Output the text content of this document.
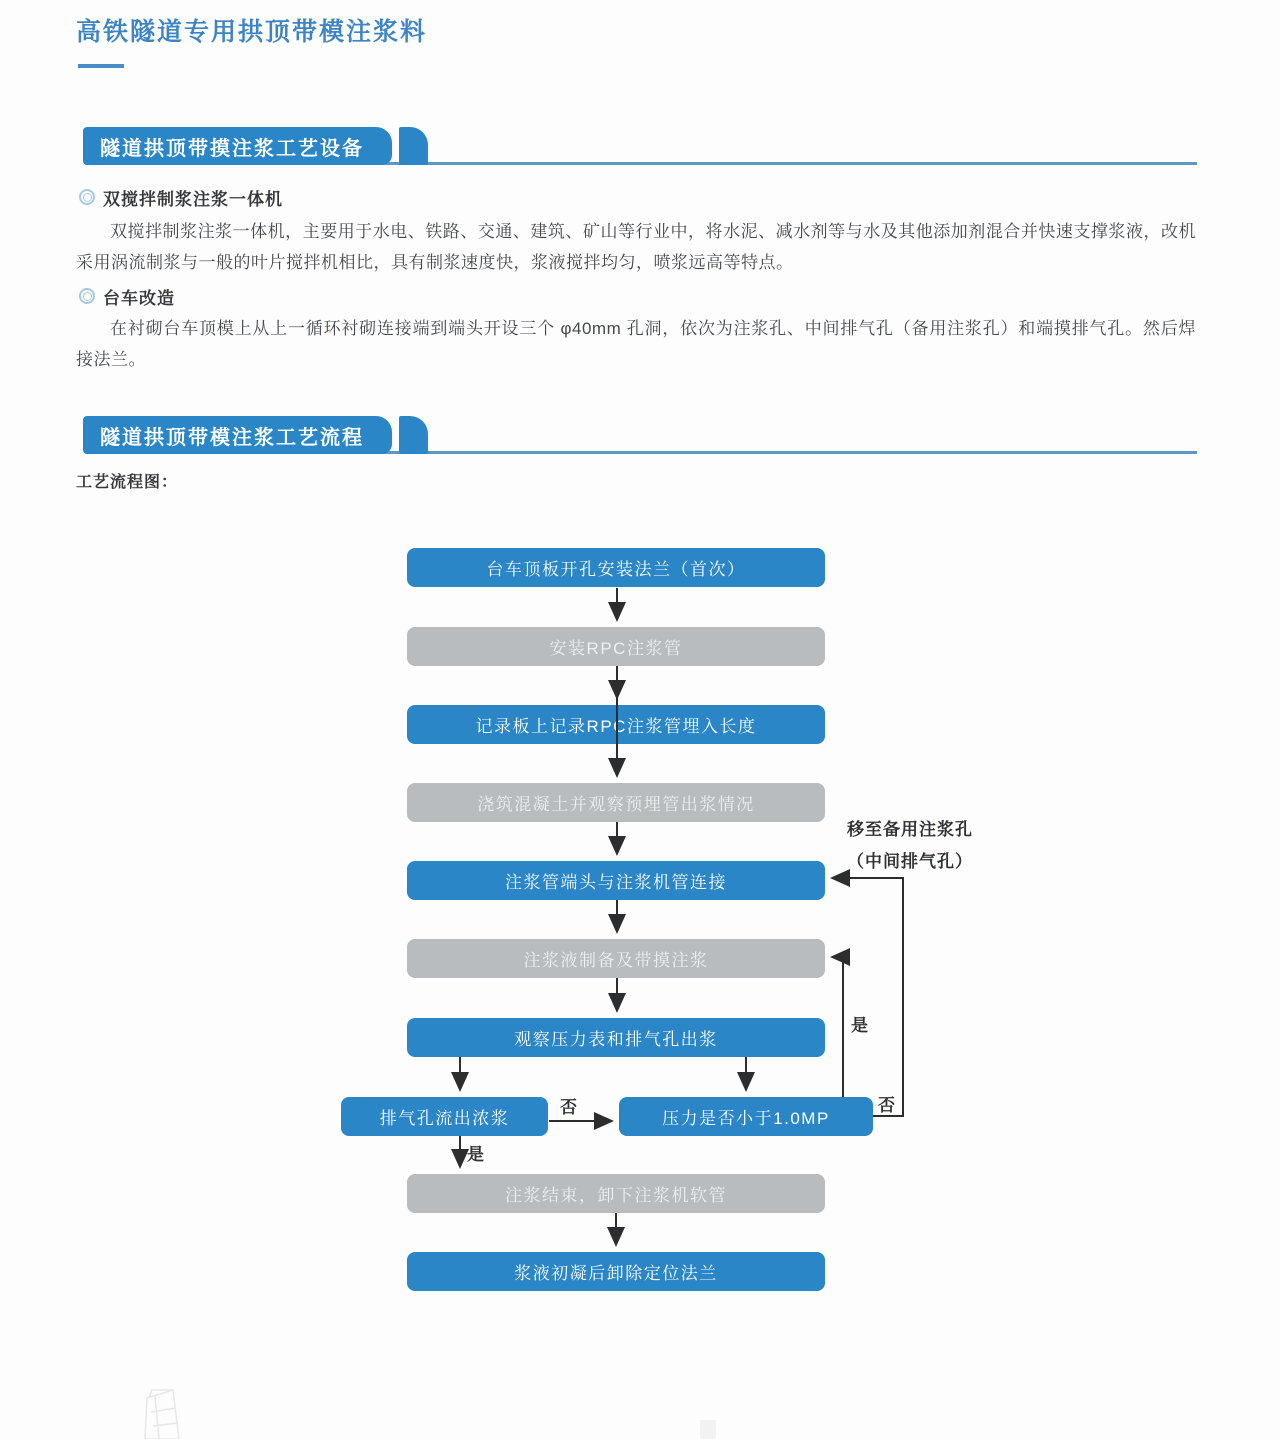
高铁隧道专用拱顶带模注浆料
隧道拱顶带摸注浆工艺设备
双搅拌制浆注浆一体机
双搅拌制浆注浆一体机，主要用于水电、铁路、交通、建筑、矿山等行业中，将水泥、减水剂等与水及其他添加剂混合并快速支撑浆液，改机采用涡流制浆与一般的叶片搅拌机相比，具有制浆速度快，浆液搅拌均匀，喷浆远高等特点。
台车改造
在衬砌台车顶模上从上一循环衬砌连接端到端头开设三个 φ40mm 孔洞，依次为注浆孔、中间排气孔（备用注浆孔）和端摸排气孔。然后焊接法兰。
隧道拱顶带模注浆工艺流程
工艺流程图：
台车顶板开孔安装法兰（首次）
安装RPC注浆管
记录板上记录RPC注浆管埋入长度
浇筑混凝土并观察预埋管出浆情况
注浆管端头与注浆机管连接
注浆液制备及带摸注浆
观察压力表和排气孔出浆
排气孔流出浓浆	压力是否小于1.0MP
注浆结束，卸下注浆机软管
浆液初凝后卸除定位法兰
否
是
是
否
移至备用注浆孔
（中间排气孔）
